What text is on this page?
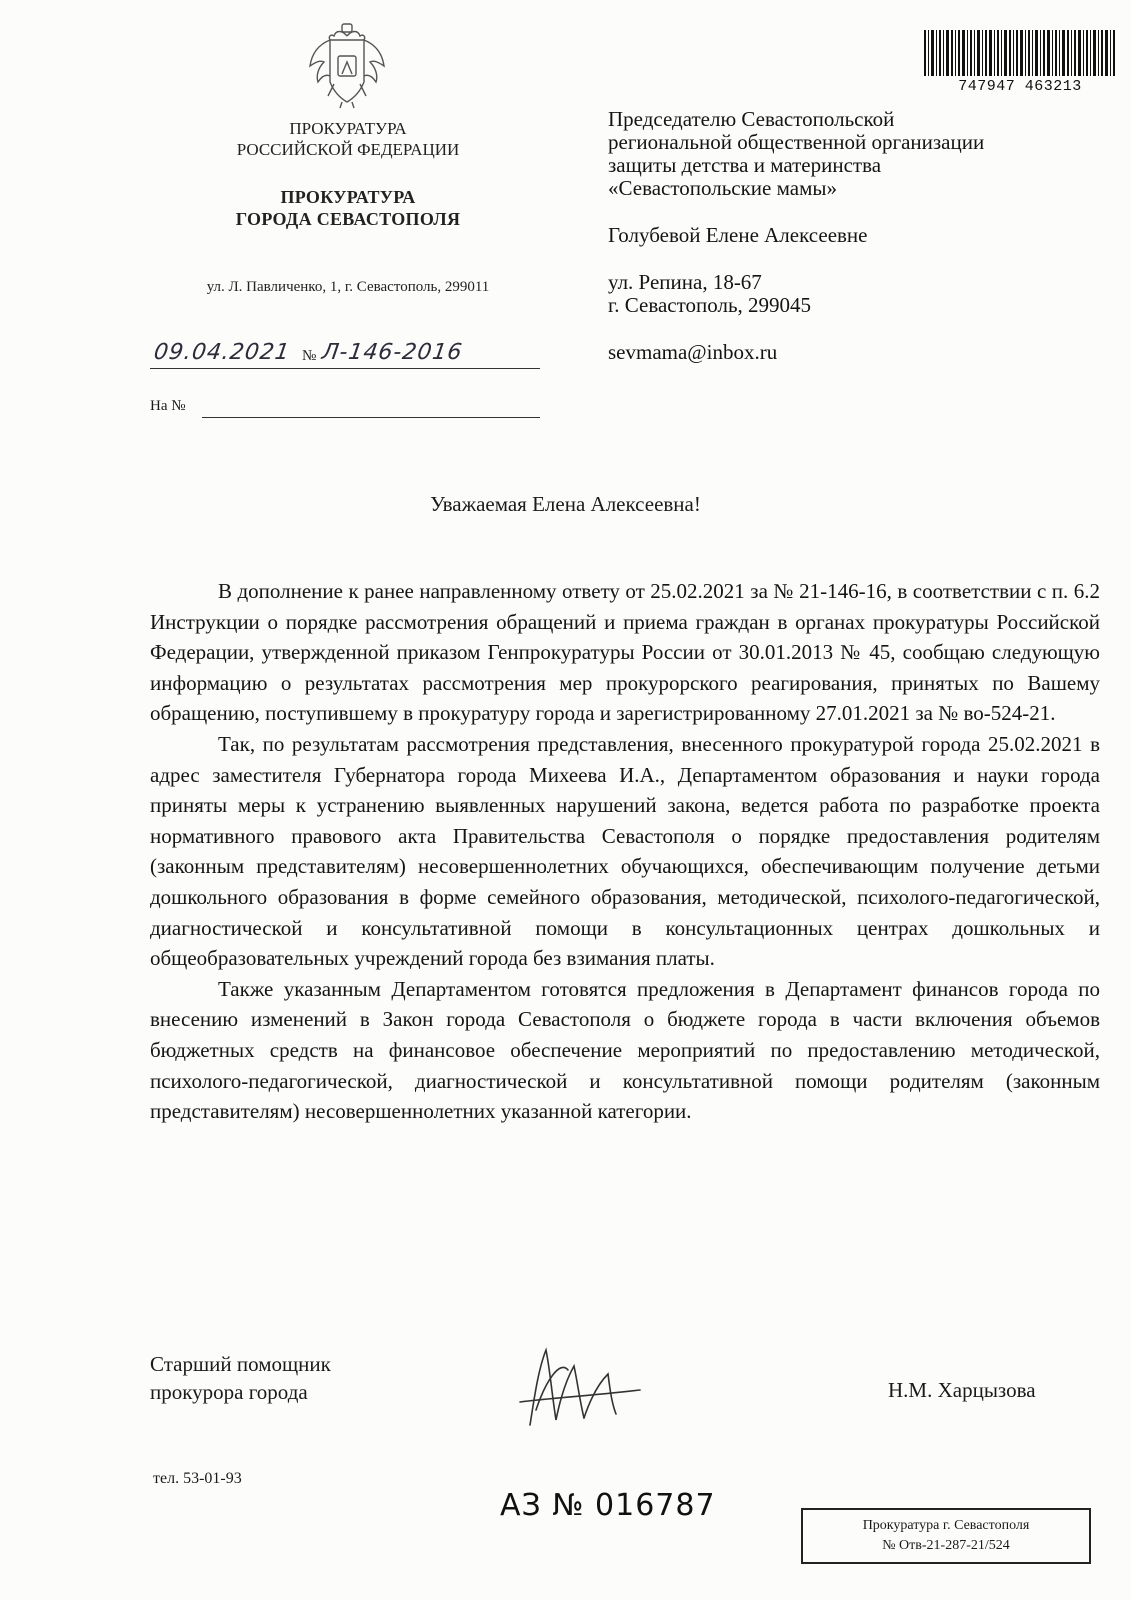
747947 463213
ПРОКУРАТУРА
РОССИЙСКОЙ ФЕДЕРАЦИИ
ПРОКУРАТУРА
ГОРОДА СЕВАСТОПОЛЯ
ул. Л. Павличенко, 1, г. Севастополь, 299011
09.04.2021 № Л-146-2016
На №
Председателю Севастопольской
региональной общественной организации
защиты детства и материнства
«Севастопольские мамы»
Голубевой Елене Алексеевне
ул. Репина, 18-67
г. Севастополь, 299045
sevmama@inbox.ru
Уважаемая Елена Алексеевна!

В дополнение к ранее направленному ответу от 25.02.2021 за № 21-146-16, в соответствии с п. 6.2 Инструкции о порядке рассмотрения обращений и приема граждан в органах прокуратуры Российской Федерации, утвержденной приказом Генпрокуратуры России от 30.01.2013 № 45, сообщаю следующую информацию о результатах рассмотрения мер прокурорского реагирования, принятых по Вашему обращению, поступившему в прокуратуру города и зарегистрированному 27.01.2021 за № во-524-21.

Так, по результатам рассмотрения представления, внесенного прокуратурой города 25.02.2021 в адрес заместителя Губернатора города Михеева И.А., Департаментом образования и науки города приняты меры к устранению выявленных нарушений закона, ведется работа по разработке проекта нормативного правового акта Правительства Севастополя о порядке предоставления родителям (законным представителям) несовершеннолетних обучающихся, обеспечивающим получение детьми дошкольного образования в форме семейного образования, методической, психолого-педагогической, диагностической и консультативной помощи в консультационных центрах дошкольных и общеобразовательных учреждений города без взимания платы.

Также указанным Департаментом готовятся предложения в Департамент финансов города по внесению изменений в Закон города Севастополя о бюджете города в части включения объемов бюджетных средств на финансовое обеспечение мероприятий по предоставлению методической, психолого-педагогической, диагностической и консультативной помощи родителям (законным представителям) несовершеннолетних указанной категории.

Старший помощник
прокурора города	Н.М. Харцызова
тел. 53-01-93
АЗ № 016787
Прокуратура г. Севастополя
№ Отв-21-287-21/524
